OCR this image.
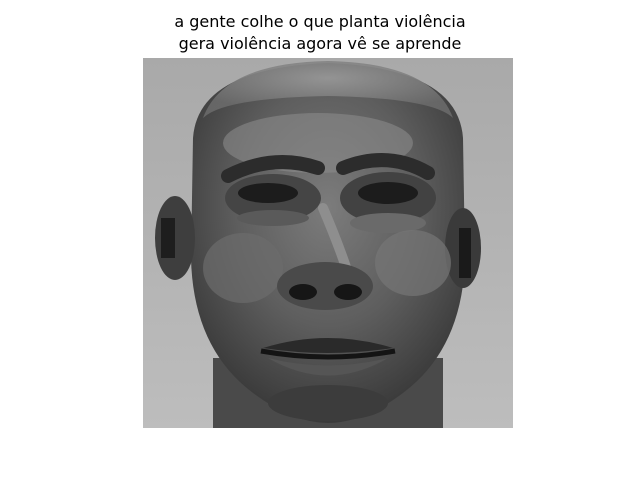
a gente colhe o que planta violência
gera violência agora vê se aprende
